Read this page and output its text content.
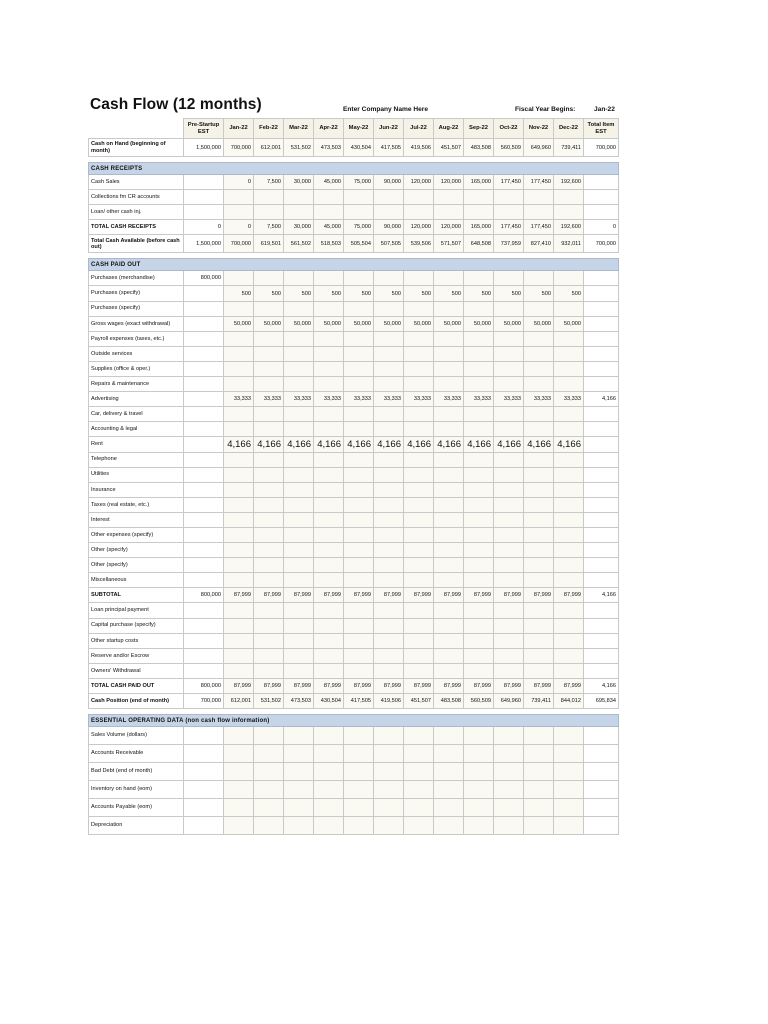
Cash Flow (12 months)	Enter Company Name Here	Fiscal Year Begins:	Jan-22
	Pre-Startup EST	Jan-22	Feb-22	Mar-22	Apr-22	May-22	Jun-22	Jul-22	Aug-22	Sep-22	Oct-22	Nov-22	Dec-22	Total Item EST
Cash on Hand (beginning of month)	1,500,000	700,000	612,001	531,502	473,503	430,504	417,505	419,506	451,507	483,508	560,509	649,960	739,411	700,000

CASH RECEIPTS														
Cash Sales		0	7,500	30,000	45,000	75,000	90,000	120,000	120,000	165,000	177,450	177,450	192,600	
Collections fm CR accounts														
Loan/ other cash inj.														
TOTAL CASH RECEIPTS	0	0	7,500	30,000	45,000	75,000	90,000	120,000	120,000	165,000	177,450	177,450	192,600	0
Total Cash Available (before cash out)	1,500,000	700,000	619,501	561,502	518,503	505,504	507,505	539,506	571,507	648,508	737,959	827,410	932,011	700,000

CASH PAID OUT														
Purchases (merchandise)	800,000													
Purchases (specify)		500	500	500	500	500	500	500	500	500	500	500	500	
Purchases (specify)														
Gross wages (exact withdrawal)		50,000	50,000	50,000	50,000	50,000	50,000	50,000	50,000	50,000	50,000	50,000	50,000	
Payroll expenses (taxes, etc.)														
Outside services														
Supplies (office & oper.)														
Repairs & maintenance														
Advertising		33,333	33,333	33,333	33,333	33,333	33,333	33,333	33,333	33,333	33,333	33,333	33,333	4,166
Car, delivery & travel														
Accounting & legal														
Rent		4,166	4,166	4,166	4,166	4,166	4,166	4,166	4,166	4,166	4,166	4,166	4,166	
Telephone														
Utilities														
Insurance														
Taxes (real estate, etc.)														
Interest														
Other expenses (specify)														
Other (specify)														
Other (specify)														
Miscellaneous														
SUBTOTAL	800,000	87,999	87,999	87,999	87,999	87,999	87,999	87,999	87,999	87,999	87,999	87,999	87,999	4,166
Loan principal payment														
Capital purchase (specify)														
Other startup costs														
Reserve and/or Escrow														
Owners' Withdrawal														
TOTAL CASH PAID OUT	800,000	87,999	87,999	87,999	87,999	87,999	87,999	87,999	87,999	87,999	87,999	87,999	87,999	4,166
Cash Position (end of month)	700,000	612,001	531,502	473,503	430,504	417,505	419,506	451,507	483,508	560,509	649,960	739,411	844,012	695,834

ESSENTIAL OPERATING DATA (non cash flow information)														
Sales Volume (dollars)														
Accounts Receivable														
Bad Debt (end of month)														
Inventory on hand (eom)														
Accounts Payable (eom)														
Depreciation														
